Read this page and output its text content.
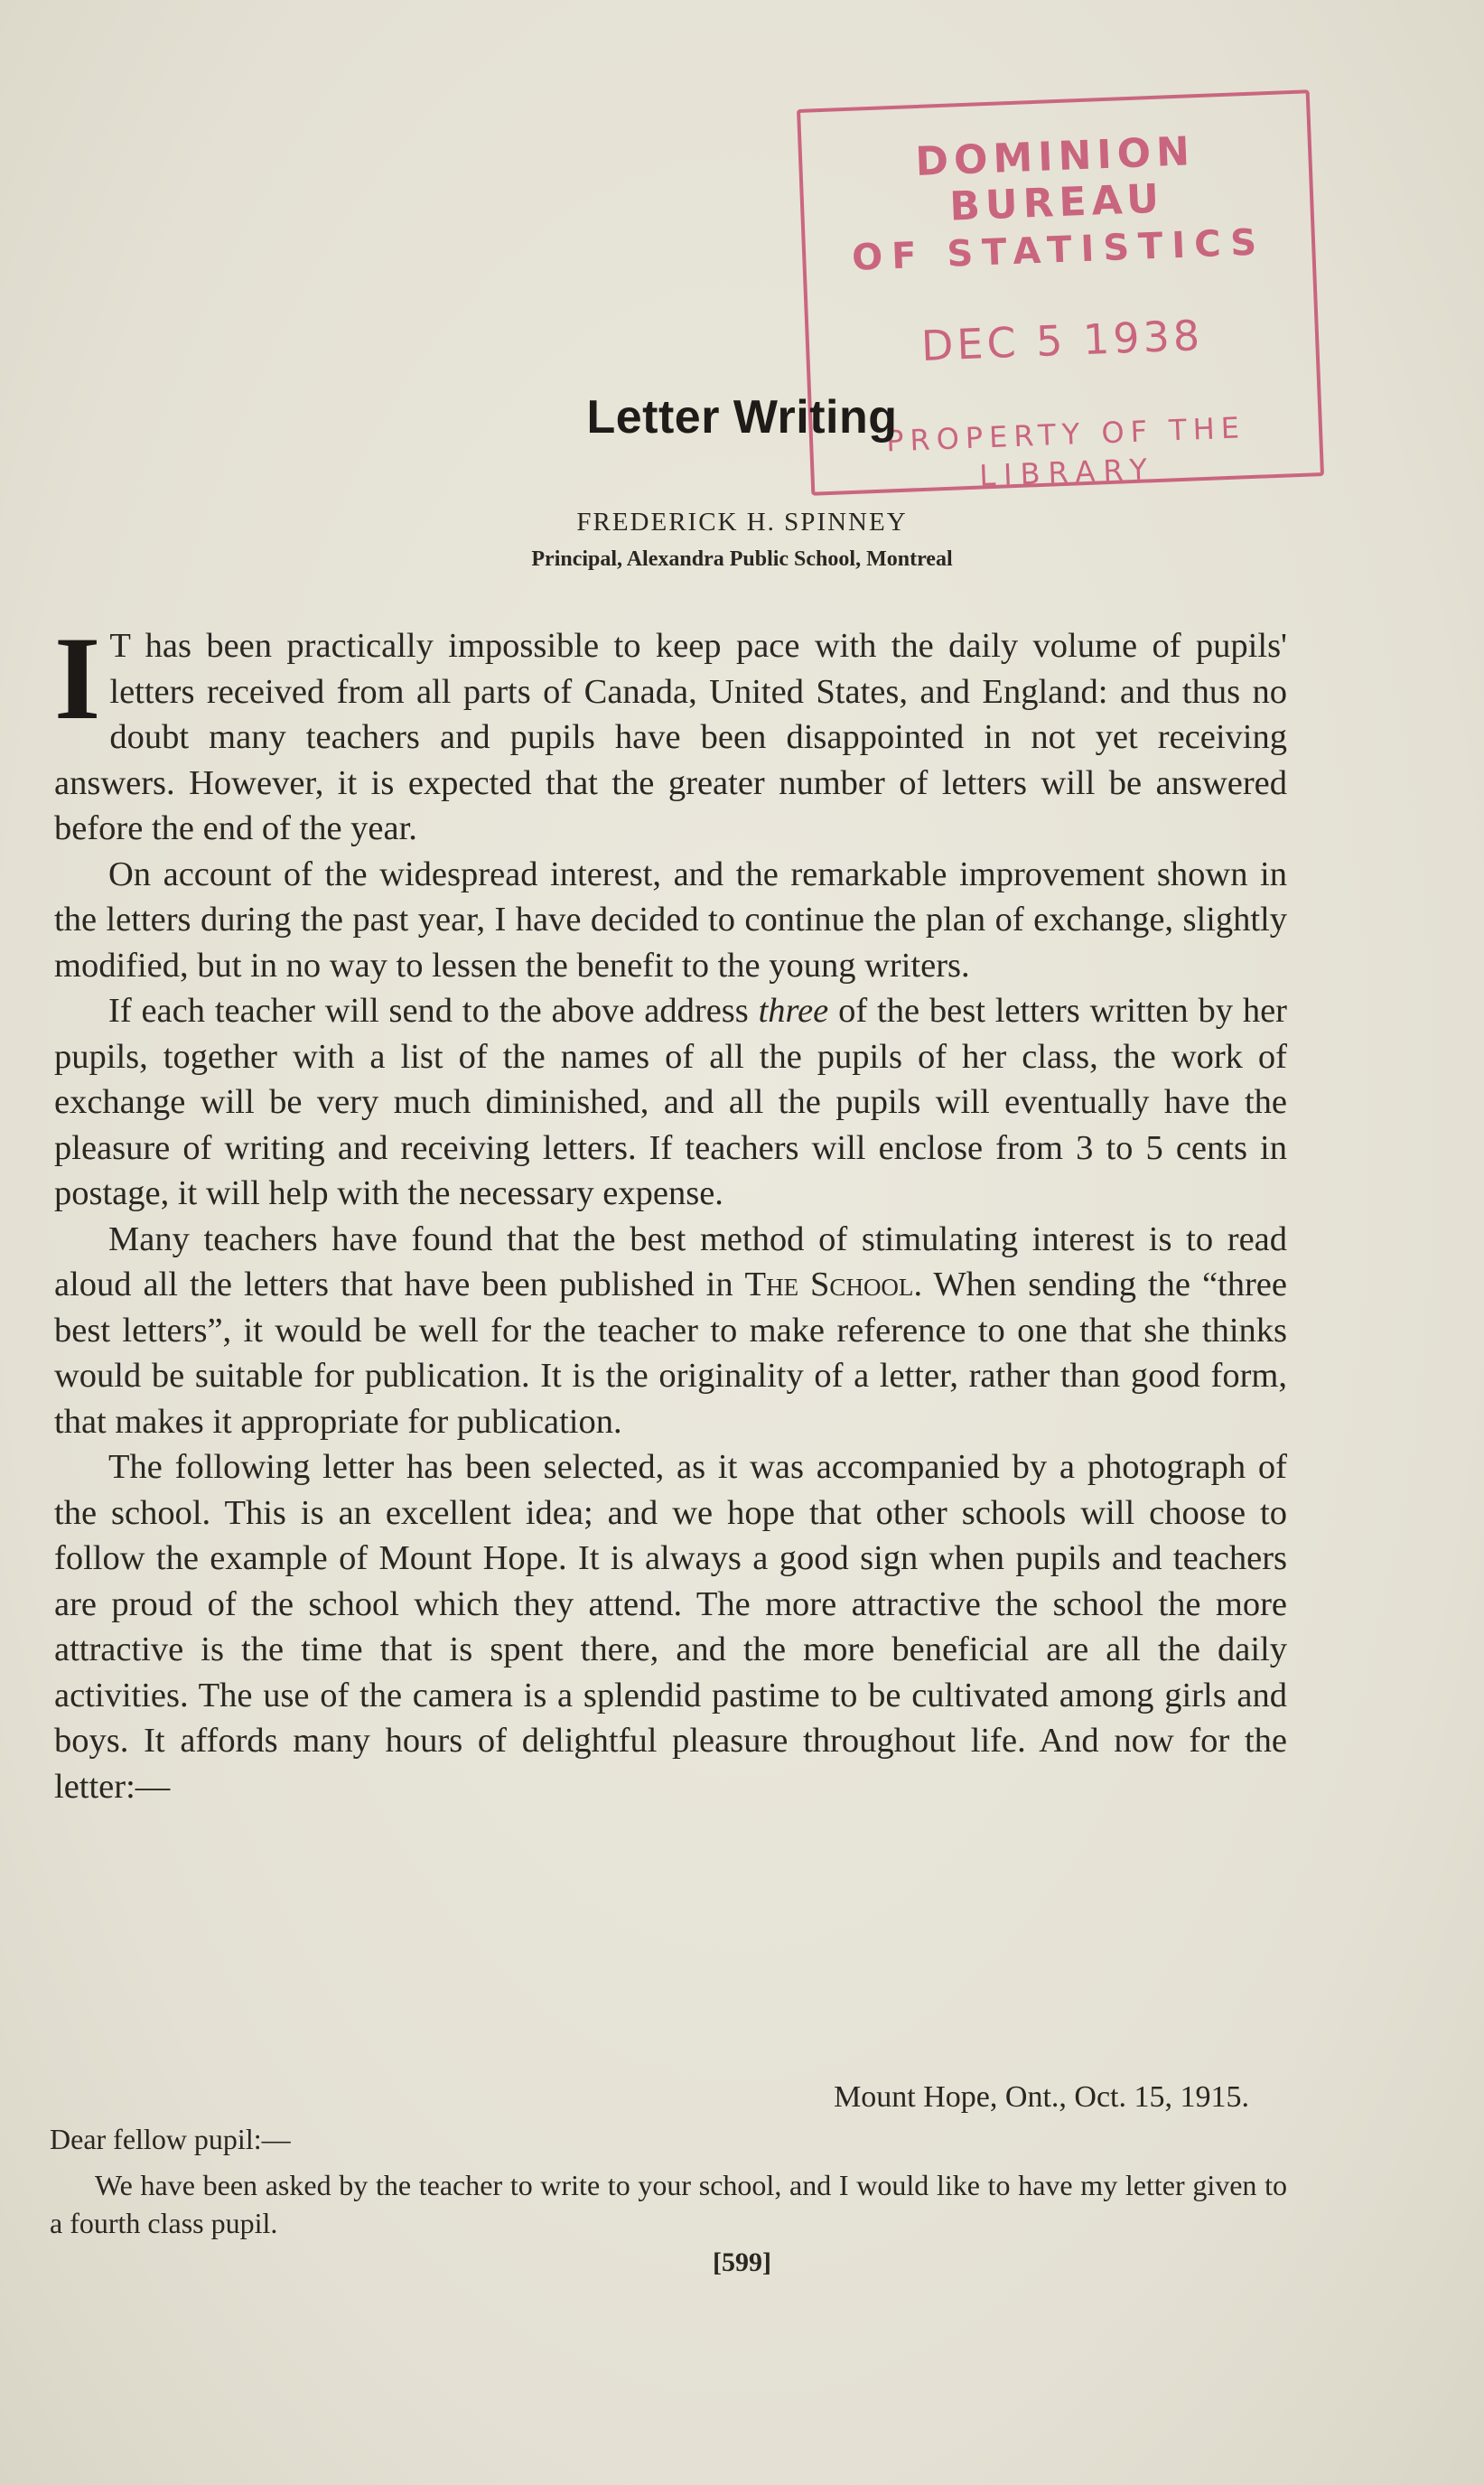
DOMINION BUREAU
OF STATISTICS
DEC 5 1938
PROPERTY OF THE
LIBRARY
Letter Writing
FREDERICK H. SPINNEY
Principal, Alexandra Public School, Montreal

I T has been practically impossible to keep pace with the daily volume of pupils' letters received from all parts of Canada, United States, and England: and thus no doubt many teachers and pupils have been disappointed in not yet receiving answers. However, it is expected that the greater number of letters will be answered before the end of the year.

On account of the widespread interest, and the remarkable improvement shown in the letters during the past year, I have decided to continue the plan of exchange, slightly modified, but in no way to lessen the benefit to the young writers.

If each teacher will send to the above address three of the best letters written by her pupils, together with a list of the names of all the pupils of her class, the work of exchange will be very much diminished, and all the pupils will eventually have the pleasure of writing and receiving letters. If teachers will enclose from 3 to 5 cents in postage, it will help with the necessary expense.

Many teachers have found that the best method of stimulating interest is to read aloud all the letters that have been published in The School. When sending the “three best letters”, it would be well for the teacher to make reference to one that she thinks would be suitable for publication. It is the originality of a letter, rather than good form, that makes it appropriate for publication.

The following letter has been selected, as it was accompanied by a photograph of the school. This is an excellent idea; and we hope that other schools will choose to follow the example of Mount Hope. It is always a good sign when pupils and teachers are proud of the school which they attend. The more attractive the school the more attractive is the time that is spent there, and the more beneficial are all the daily activities. The use of the camera is a splendid pastime to be cultivated among girls and boys. It affords many hours of delightful pleasure throughout life. And now for the letter:—

Mount Hope, Ont., Oct. 15, 1915.
Dear fellow pupil:—

We have been asked by the teacher to write to your school, and I would like to have my letter given to a fourth class pupil.

[599]
